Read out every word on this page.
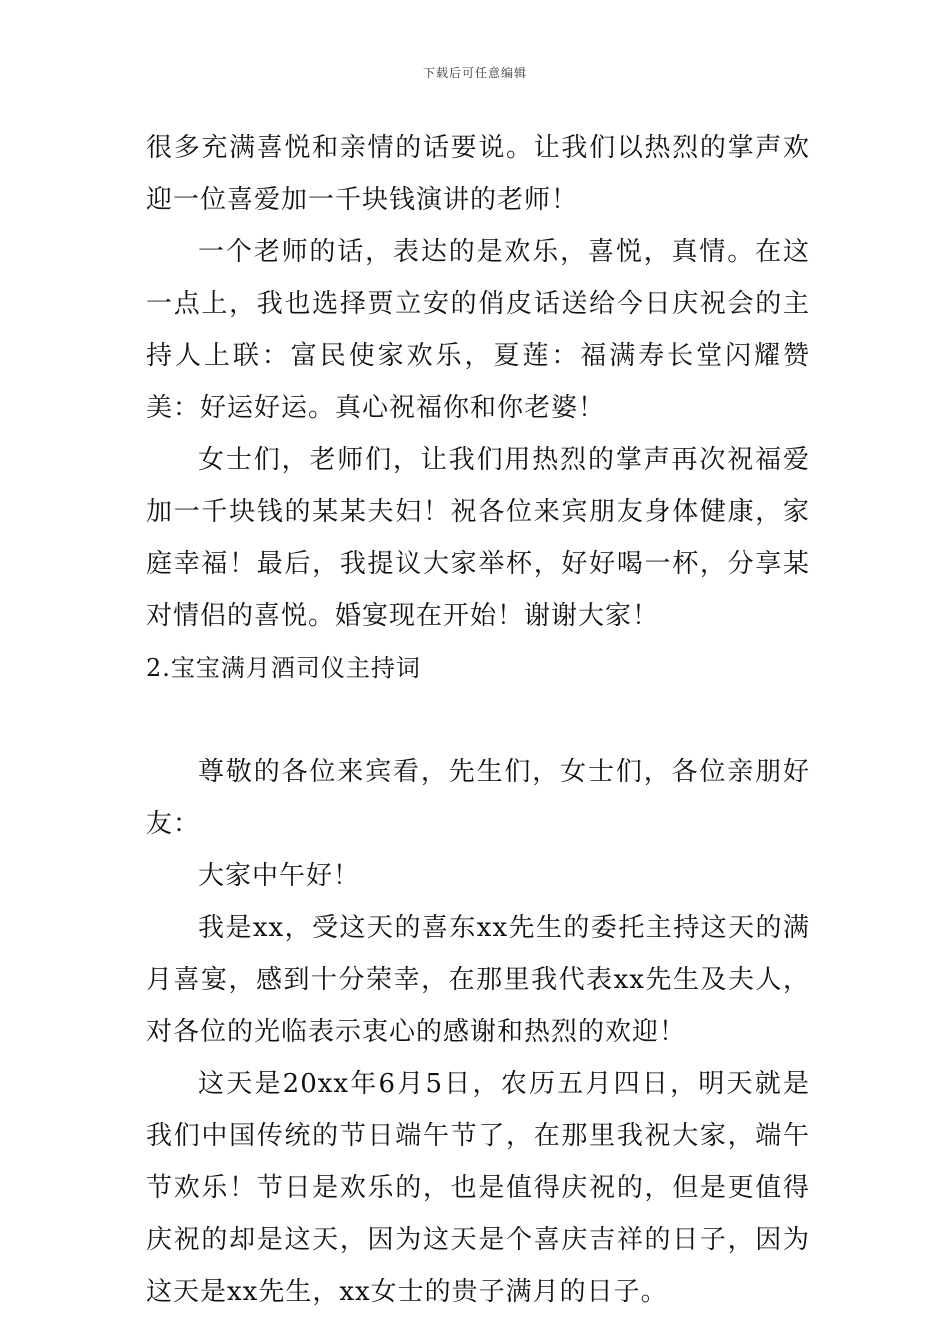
下载后可任意编辑

很多充满喜悦和亲情的话要说。让我们以热烈的掌声欢迎一位喜爱加一千块钱演讲的老师！

一个老师的话，表达的是欢乐，喜悦，真情。在这一点上，我也选择贾立安的俏皮话送给今日庆祝会的主持人上联：富民使家欢乐，夏莲：福满寿长堂闪耀赞美：好运好运。真心祝福你和你老婆！

女士们，老师们，让我们用热烈的掌声再次祝福爱加一千块钱的某某夫妇！祝各位来宾朋友身体健康，家庭幸福！最后，我提议大家举杯，好好喝一杯，分享某对情侣的喜悦。婚宴现在开始！谢谢大家！

2.宝宝满月酒司仪主持词

尊敬的各位来宾看，先生们，女士们，各位亲朋好友：

大家中午好！

我是xx，受这天的喜东xx先生的委托主持这天的满月喜宴，感到十分荣幸，在那里我代表xx先生及夫人，对各位的光临表示衷心的感谢和热烈的欢迎！

这天是20xx年6月5日，农历五月四日，明天就是我们中国传统的节日端午节了，在那里我祝大家，端午节欢乐！节日是欢乐的，也是值得庆祝的，但是更值得庆祝的却是这天，因为这天是个喜庆吉祥的日子，因为这天是xx先生，xx女士的贵子满月的日子。
